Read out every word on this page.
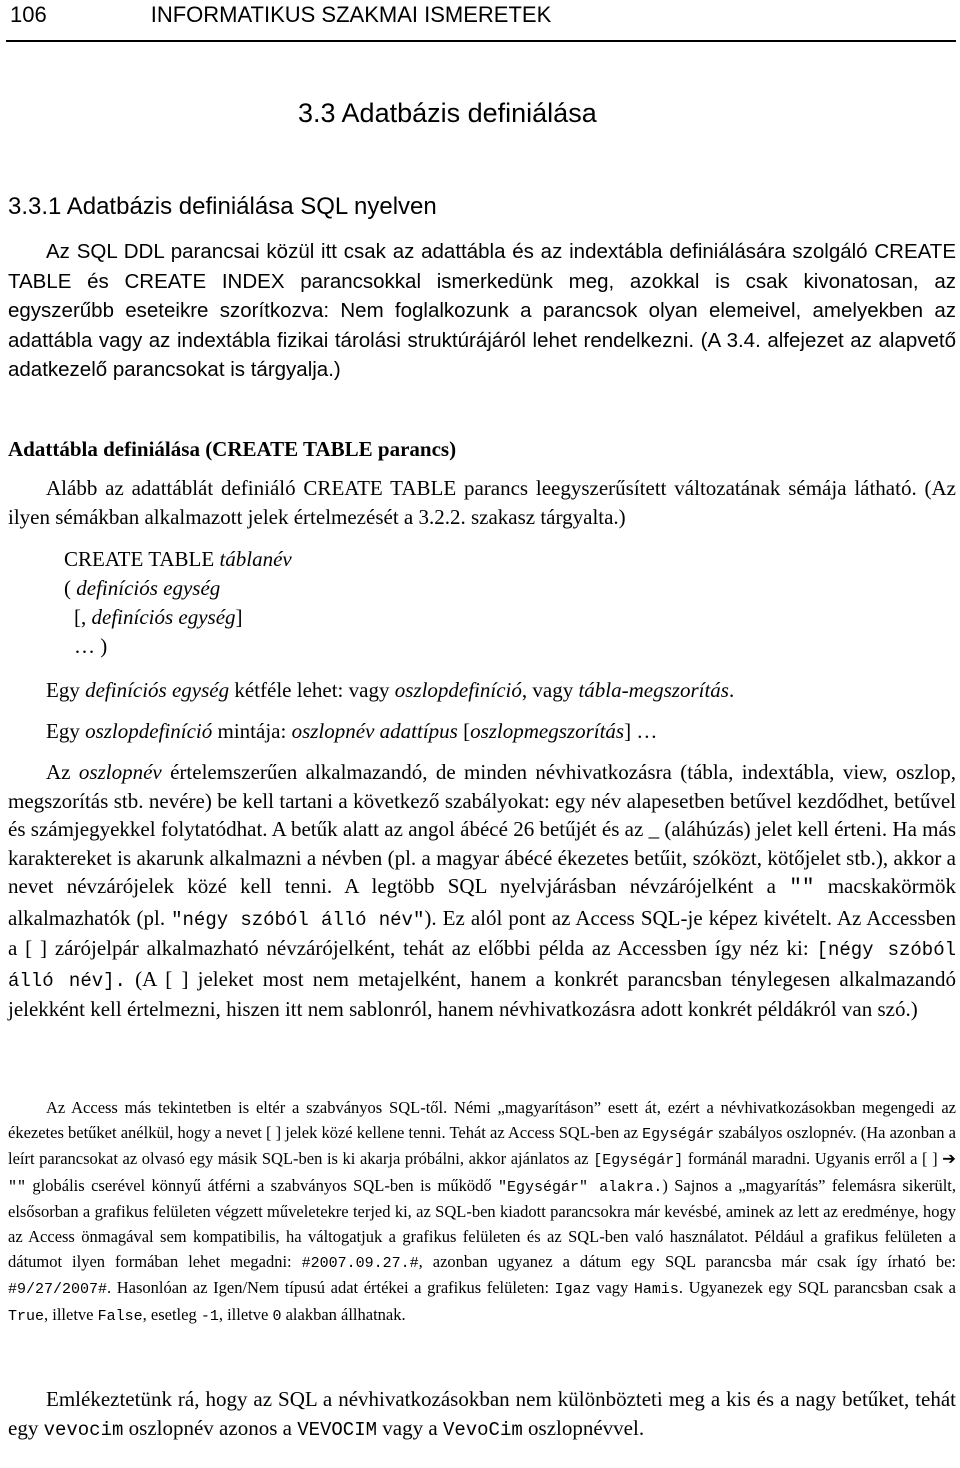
106	INFORMATIKUS SZAKMAI ISMERETEK
3.3 Adatbázis definiálása
3.3.1 Adatbázis definiálása SQL nyelven

Az SQL DDL parancsai közül itt csak az adattábla és az indextábla definiálására szolgáló CREATE TABLE és CREATE INDEX parancsokkal ismerkedünk meg, azokkal is csak kivonatosan, az egyszerűbb eseteikre szorítkozva: Nem foglalkozunk a parancsok olyan elemeivel, amelyekben az adattábla vagy az indextábla fizikai tárolási struktúrájáról lehet rendelkezni. (A 3.4. alfejezet az alapvető adatkezelő parancsokat is tárgyalja.)

Adattábla definiálása (CREATE TABLE parancs)

Alább az adattáblát definiáló CREATE TABLE parancs leegyszerűsített változatának sémája látható. (Az ilyen sémákban alkalmazott jelek értelmezését a 3.2.2. szakasz tárgyalta.)

CREATE TABLE táblanév
( definíciós egység
[, definíciós egység]
… )

Egy definíciós egység kétféle lehet: vagy oszlopdefiníció, vagy tábla-megszorítás.

Egy oszlopdefiníció mintája: oszlopnév adattípus [oszlopmegszorítás] …

Az oszlopnév értelemszerűen alkalmazandó, de minden névhivatkozásra (tábla, indextábla, view, oszlop, megszorítás stb. nevére) be kell tartani a következő szabályokat: egy név alapesetben betűvel kezdődhet, betűvel és számjegyekkel folytatódhat. A betűk alatt az angol ábécé 26 betűjét és az _ (aláhúzás) jelet kell érteni. Ha más karaktereket is akarunk alkalmazni a névben (pl. a magyar ábécé ékezetes betűit, szóközt, kötőjelet stb.), akkor a nevet névzárójelek közé kell tenni. A legtöbb SQL nyelvjárásban névzárójelként a ″″ macskakörmök alkalmazhatók (pl. ″négy szóból álló név″). Ez alól pont az Access SQL-je képez kivételt. Az Accessben a [ ] zárójelpár alkalmazható névzárójelként, tehát az előbbi példa az Accessben így néz ki: [négy szóból álló név]. (A [ ] jeleket most nem metajelként, hanem a konkrét parancsban ténylegesen alkalmazandó jelekként kell értelmezni, hiszen itt nem sablonról, hanem névhivatkozásra adott konkrét példákról van szó.)

Az Access más tekintetben is eltér a szabványos SQL-től. Némi „magyarításon” esett át, ezért a névhivatkozásokban megengedi az ékezetes betűket anélkül, hogy a nevet [ ] jelek közé kellene tenni. Tehát az Access SQL-ben az Egységár szabályos oszlopnév. (Ha azonban a leírt parancsokat az olvasó egy másik SQL-ben is ki akarja próbálni, akkor ajánlatos az [Egységár] formánál maradni. Ugyanis erről a [ ] ➔ ″″ globális cserével könnyű átférni a szabványos SQL-ben is működő ″Egységár″ alakra.) Sajnos a „magyarítás” felemásra sikerült, elsősorban a grafikus felületen végzett műveletekre terjed ki, az SQL-ben kiadott parancsokra már kevésbé, aminek az lett az eredménye, hogy az Access önmagával sem kompatibilis, ha váltogatjuk a grafikus felületen és az SQL-ben való használatot. Például a grafikus felületen a dátumot ilyen formában lehet megadni: #2007.09.27.#, azonban ugyanez a dátum egy SQL parancsba már csak így írható be: #9/27/2007#. Hasonlóan az Igen/Nem típusú adat értékei a grafikus felületen: Igaz vagy Hamis. Ugyanezek egy SQL parancsban csak a True, illetve False, esetleg -1, illetve 0 alakban állhatnak.

Emlékeztetünk rá, hogy az SQL a névhivatkozásokban nem különbözteti meg a kis és a nagy betűket, tehát egy vevocim oszlopnév azonos a VEVOCIM vagy a VevoCim oszlopnévvel.
